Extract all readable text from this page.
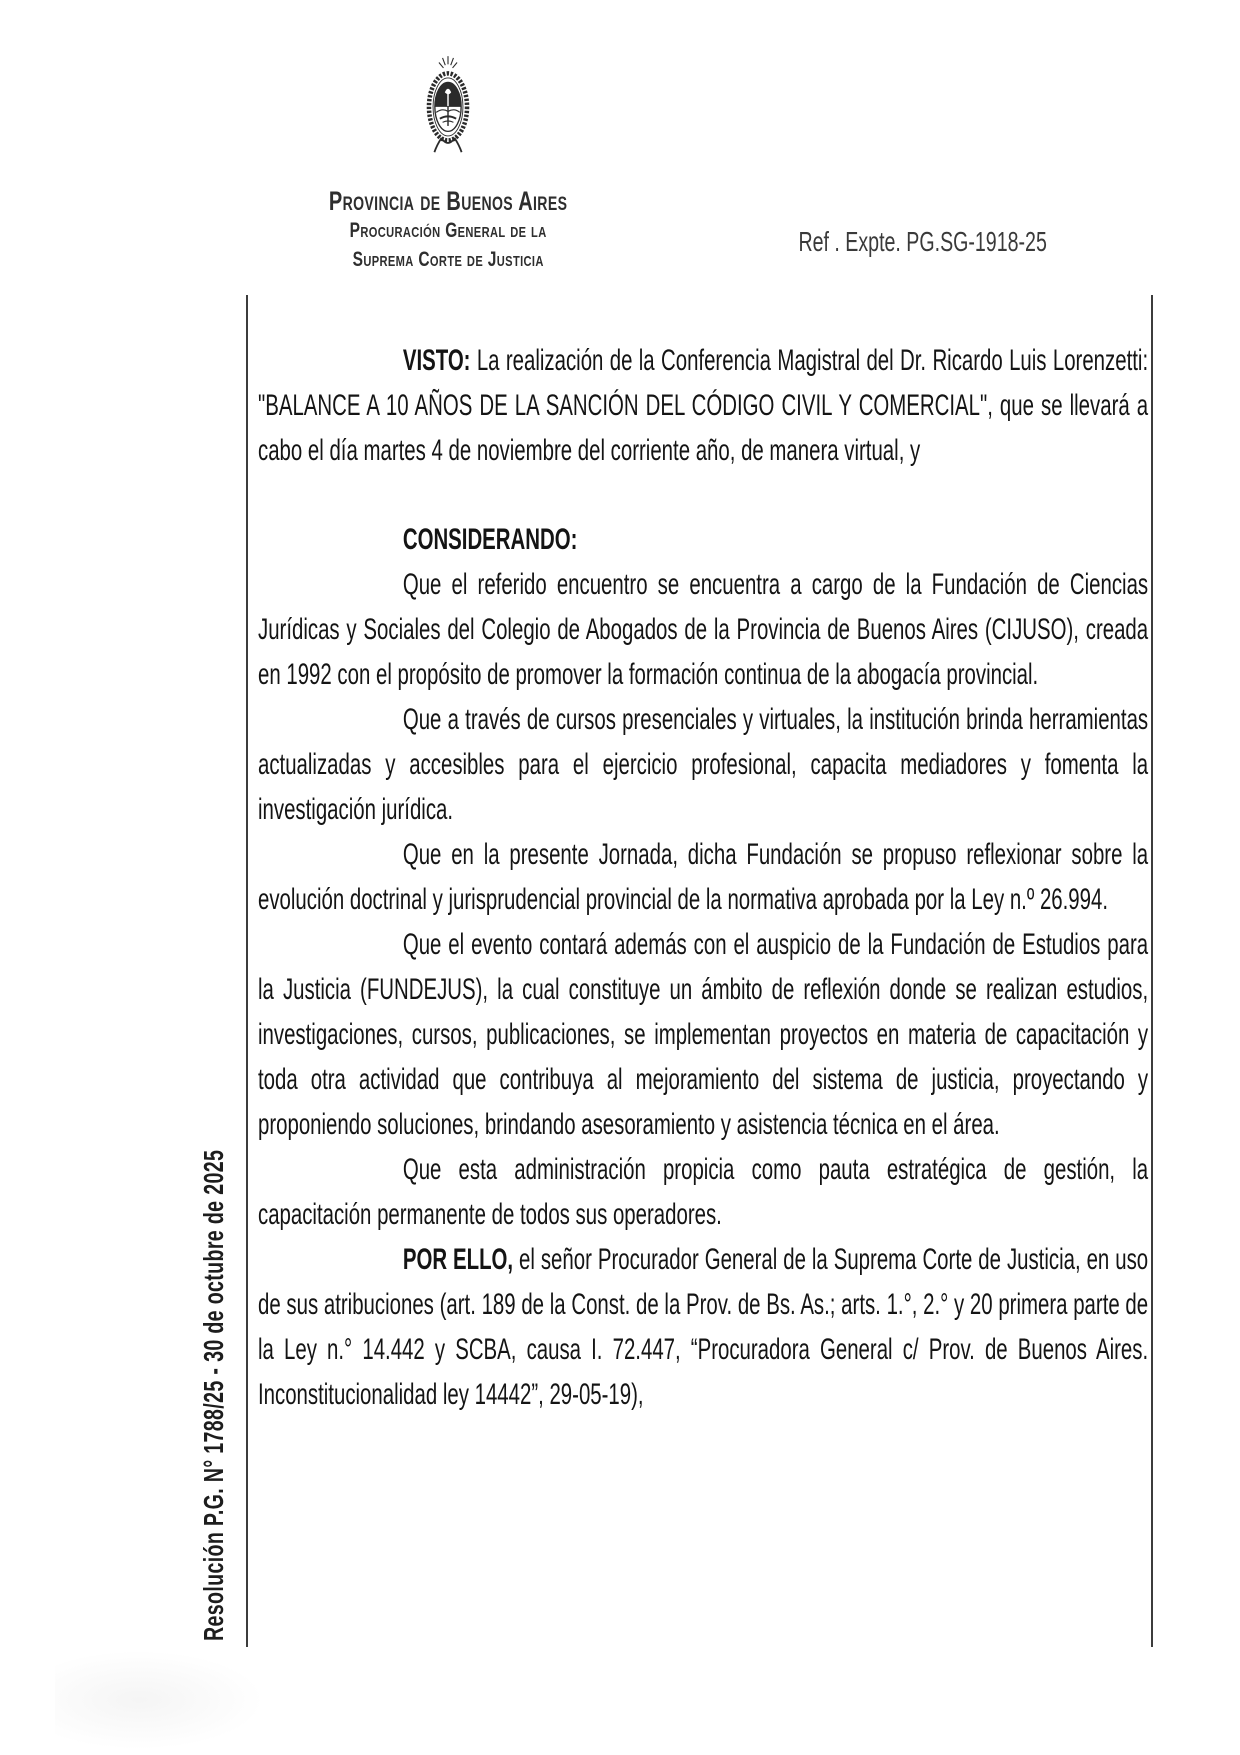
Provincia de Buenos Aires
Procuración General de la
Suprema Corte de Justicia
Ref . Expte. PG.SG-1918-25

VISTO: La realización de la Conferencia Magistral del Dr. Ricardo Luis Lorenzetti: "BALANCE A 10 AÑOS DE LA SANCIÓN DEL CÓDIGO CIVIL Y COMERCIAL", que se llevará a cabo el día martes 4 de noviembre del corriente año, de manera virtual, y

CONSIDERANDO:

Que el referido encuentro se encuentra a cargo de la Fundación de Ciencias Jurídicas y Sociales del Colegio de Abogados de la Provincia de Buenos Aires (CIJUSO), creada en 1992 con el propósito de promover la formación continua de la abogacía provincial.

Que a través de cursos presenciales y virtuales, la institución brinda herramientas actualizadas y accesibles para el ejercicio profesional, capacita mediadores y fomenta la investigación jurídica.

Que en la presente Jornada, dicha Fundación se propuso reflexionar sobre la evolución doctrinal y jurisprudencial provincial de la normativa aprobada por la Ley n.º 26.994.

Que el evento contará además con el auspicio de la Fundación de Estudios para la Justicia (FUNDEJUS), la cual constituye un ámbito de reflexión donde se realizan estudios, investigaciones, cursos, publicaciones, se implementan proyectos en materia de capacitación y toda otra actividad que contribuya al mejoramiento del sistema de justicia, proyectando y proponiendo soluciones, brindando asesoramiento y asistencia técnica en el área.

Que esta administración propicia como pauta estratégica de gestión, la capacitación permanente de todos sus operadores.

POR ELLO, el señor Procurador General de la Suprema Corte de Justicia, en uso de sus atribuciones (art. 189 de la Const. de la Prov. de Bs. As.; arts. 1.°, 2.° y 20 primera parte de la Ley n.° 14.442 y SCBA, causa I. 72.447, “Procuradora General c/ Prov. de Buenos Aires. Inconstitucionalidad ley 14442”, 29-05-19),

Resolución P.G. N° 1788/25 - 30 de octubre de 2025
